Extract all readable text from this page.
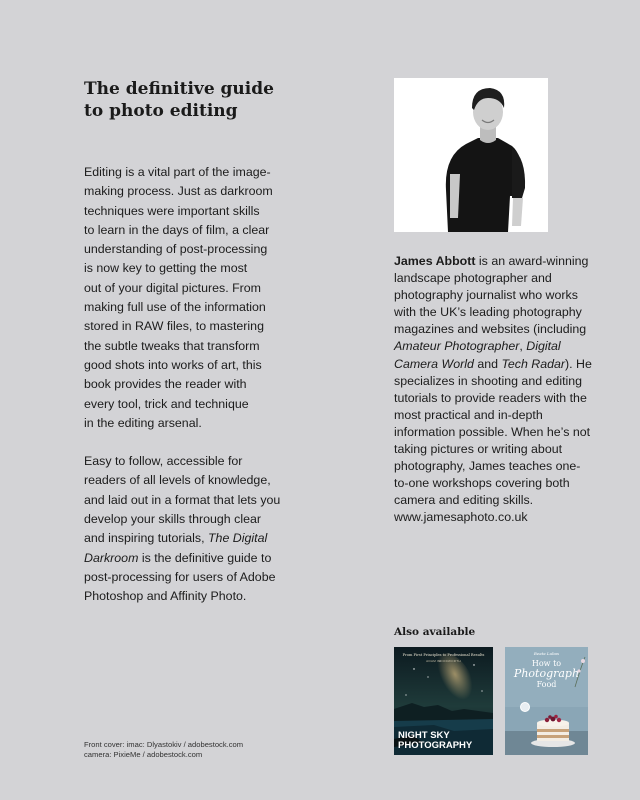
The definitive guide
to photo editing

Editing is a vital part of the image-
making process. Just as darkroom
techniques were important skills
to learn in the days of film, a clear
understanding of post-processing
is now key to getting the most
out of your digital pictures. From
making full use of the information
stored in RAW files, to mastering
the subtle tweaks that transform
good shots into works of art, this
book provides the reader with
every tool, trick and technique
in the editing arsenal.

Easy to follow, accessible for
readers of all levels of knowledge,
and laid out in a format that lets you
develop your skills through clear
and inspiring tutorials, The Digital
Darkroom is the definitive guide to
post-processing for users of Adobe
Photoshop and Affinity Photo.

James Abbott is an award-winning landscape photographer and photography journalist who works with the UK’s leading photography magazines and websites (including Amateur Photographer, Digital Camera World and Tech Radar). He specializes in shooting and editing tutorials to provide readers with the most practical and in-depth information possible. When he’s not taking pictures or writing about photography, James teaches one-to-one workshops covering both camera and editing skills.
www.jamesaphoto.co.uk
Also available
From First Principles to Professional Results
ADAM WOODWORTH
NIGHT SKY
PHOTOGRAPHY
Beata Lubas
How to
Photograph
Food
Front cover: imac: Dlyastokiv / adobestock.com
camera: PixieMe / adobestock.com
